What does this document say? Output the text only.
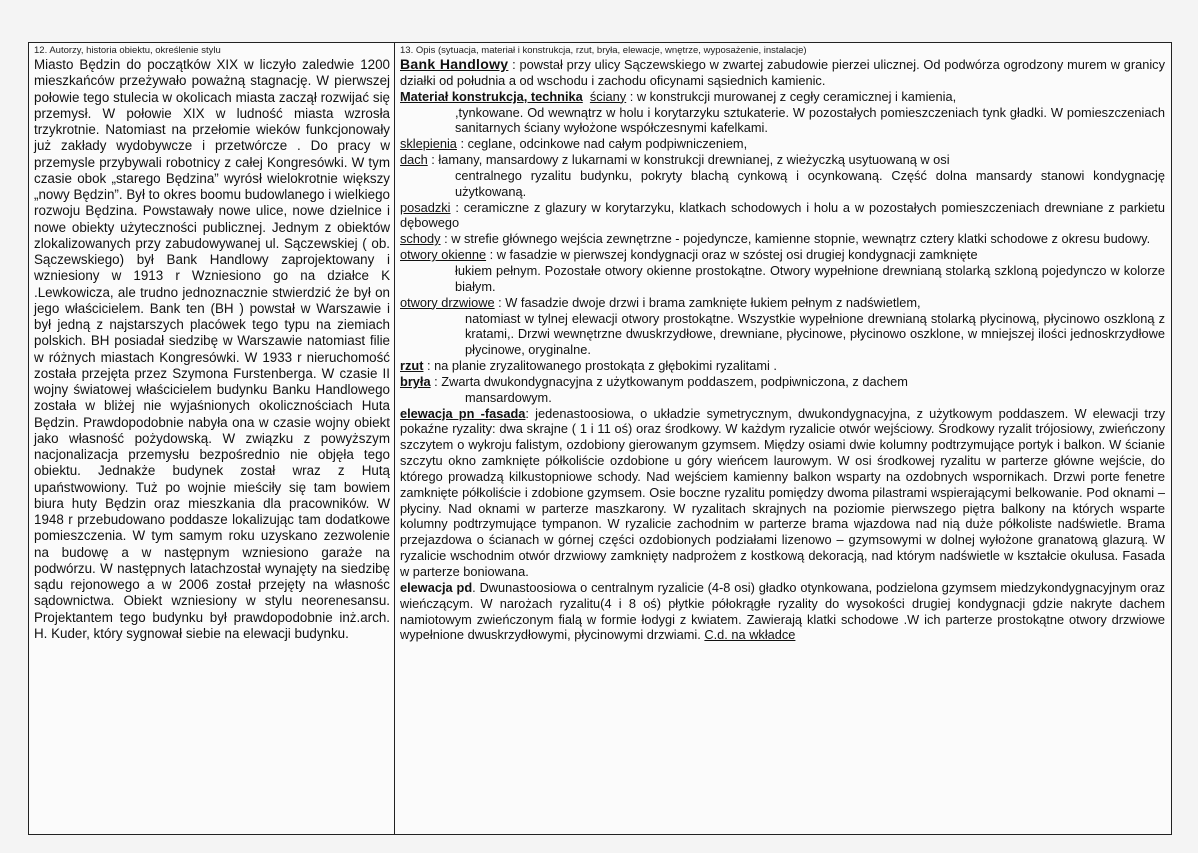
12. Autorzy, historia obiektu, określenie stylu
Miasto Będzin do początków XIX w liczyło zaledwie 1200 mieszkańców przeżywało poważną stagnację. W pierwszej połowie tego stulecia w okolicach miasta zaczął rozwijać się przemysł. W połowie XIX w ludność miasta wzrosła trzykrotnie. Natomiast na przełomie wieków funkcjonowały już zakłady wydobywcze i przetwórcze . Do pracy w przemysle przybywali robotnicy z całej Kongresówki. W tym czasie obok „starego Będzina” wyrósł wielokrotnie większy „nowy Będzin”. Był to okres boomu budowlanego i wielkiego rozwoju Będzina. Powstawały nowe ulice, nowe dzielnice i nowe obiekty użyteczności publicznej. Jednym z obiektów zlokalizowanych przy zabudowywanej ul. Sączewskiej ( ob. Sączewskiego) był Bank Handlowy zaprojektowany i wzniesiony w 1913 r Wzniesiono go na działce K .Lewkowicza, ale trudno jednoznacznie stwierdzić że był on jego właścicielem. Bank ten (BH ) powstał w Warszawie i był jedną z najstarszych placówek tego typu na ziemiach polskich. BH posiadał siedzibę w Warszawie natomiast filie w różnych miastach Kongresówki. W 1933 r nieruchomość została przejęta przez Szymona Furstenberga. W czasie II wojny światowej właścicielem budynku Banku Handlowego została w bliżej nie wyjaśnionych okolicznościach Huta Będzin. Prawdopodobnie nabyła ona w czasie wojny obiekt jako własność pożydowską. W związku z powyższym nacjonalizacja przemysłu bezpośrednio nie objęła tego obiektu. Jednakże budynek został wraz z Hutą upaństwowiony. Tuż po wojnie mieściły się tam bowiem biura huty Będzin oraz mieszkania dla pracowników. W 1948 r przebudowano poddasze lokalizując tam dodatkowe pomieszczenia. W tym samym roku uzyskano zezwolenie na budowę a w następnym wzniesiono garaże na podwórzu. W następnych latachzostał wynajęty na siedzibę sądu rejonowego a w 2006 został przejęty na własnośc sądownictwa. Obiekt wzniesiony w stylu neorenesansu. Projektantem tego budynku był prawdopodobnie inż.arch. H. Kuder, który sygnował siebie na elewacji budynku.
13. Opis (sytuacja, materiał i konstrukcja, rzut, bryła, elewacje, wnętrze, wyposażenie, instalacje)

Bank Handlowy : powstał przy ulicy Sączewskiego w zwartej zabudowie pierzei ulicznej. Od podwórza ogrodzony murem w granicy działki od południa a od wschodu i zachodu oficynami sąsiednich kamienic.

Materiał konstrukcja, technika ściany : w konstrukcji murowanej z cegły ceramicznej i kamienia,

,tynkowane. Od wewnątrz w holu i korytarzyku sztukaterie. W pozostałych pomieszczeniach tynk gładki. W pomieszczeniach sanitarnych ściany wyłożone współczesnymi kafelkami.

sklepienia : ceglane, odcinkowe nad całym podpiwniczeniem,

dach : łamany, mansardowy z lukarnami w konstrukcji drewnianej, z wieżyczką usytuowaną w osi

centralnego ryzalitu budynku, pokryty blachą cynkową i ocynkowaną. Część dolna mansardy stanowi kondygnację użytkowaną.

posadzki : ceramiczne z glazury w korytarzyku, klatkach schodowych i holu a w pozostałych pomieszczeniach drewniane z parkietu dębowego

schody : w strefie głównego wejścia zewnętrzne - pojedyncze, kamienne stopnie, wewnątrz cztery klatki schodowe z okresu budowy.

otwory okienne : w fasadzie w pierwszej kondygnacji oraz w szóstej osi drugiej kondygnacji zamknięte

łukiem pełnym. Pozostałe otwory okienne prostokątne. Otwory wypełnione drewnianą stolarką szkloną pojedynczo w kolorze białym.

otwory drzwiowe : W fasadzie dwoje drzwi i brama zamknięte łukiem pełnym z nadświetlem,

natomiast w tylnej elewacji otwory prostokątne. Wszystkie wypełnione drewnianą stolarką płycinową, płycinowo oszkloną z kratami,. Drzwi wewnętrzne dwuskrzydłowe, drewniane, płycinowe, płycinowo oszklone, w mniejszej ilości jednoskrzydłowe płycinowe, oryginalne.

rzut : na planie zryzalitowanego prostokąta z głębokimi ryzalitami .

bryła : Zwarta dwukondygnacyjna z użytkowanym poddaszem, podpiwniczona, z dachem

mansardowym.

elewacja pn -fasada: jedenastoosiowa, o układzie symetrycznym, dwukondygnacyjna, z użytkowym poddaszem. W elewacji trzy pokaźne ryzality: dwa skrajne ( 1 i 11 oś) oraz środkowy. W każdym ryzalicie otwór wejściowy. Środkowy ryzalit trójosiowy, zwieńczony szczytem o wykroju falistym, ozdobiony gierowanym gzymsem. Między osiami dwie kolumny podtrzymujące portyk i balkon. W ścianie szczytu okno zamknięte półkoliście ozdobione u góry wieńcem laurowym. W osi środkowej ryzalitu w parterze główne wejście, do którego prowadzą kilkustopniowe schody. Nad wejściem kamienny balkon wsparty na ozdobnych wspornikach. Drzwi porte fenetre zamknięte półkoliście i zdobione gzymsem. Osie boczne ryzalitu pomiędzy dwoma pilastrami wspierającymi belkowanie. Pod oknami – płyciny. Nad oknami w parterze maszkarony. W ryzalitach skrajnych na poziomie pierwszego piętra balkony na których wsparte kolumny podtrzymujące tympanon. W ryzalicie zachodnim w parterze brama wjazdowa nad nią duże półkoliste nadświetle. Brama przejazdowa o ścianach w górnej części ozdobionych podziałami lizenowo – gzymsowymi w dolnej wyłożone granatową glazurą. W ryzalicie wschodnim otwór drzwiowy zamknięty nadprożem z kostkową dekoracją, nad którym nadświetle w kształcie okulusa. Fasada w parterze boniowana.

elewacja pd. Dwunastoosiowa o centralnym ryzalicie (4-8 osi) gładko otynkowana, podzielona gzymsem miedzykondygnacyjnym oraz wieńczącym. W narożach ryzalitu(4 i 8 oś) płytkie półokrągłe ryzality do wysokości drugiej kondygnacji gdzie nakryte dachem namiotowym zwieńczonym fialą w formie łodygi z kwiatem. Zawierają klatki schodowe .W ich parterze prostokątne otwory drzwiowe wypełnione dwuskrzydłowymi, płycinowymi drzwiami. C.d. na wkładce
